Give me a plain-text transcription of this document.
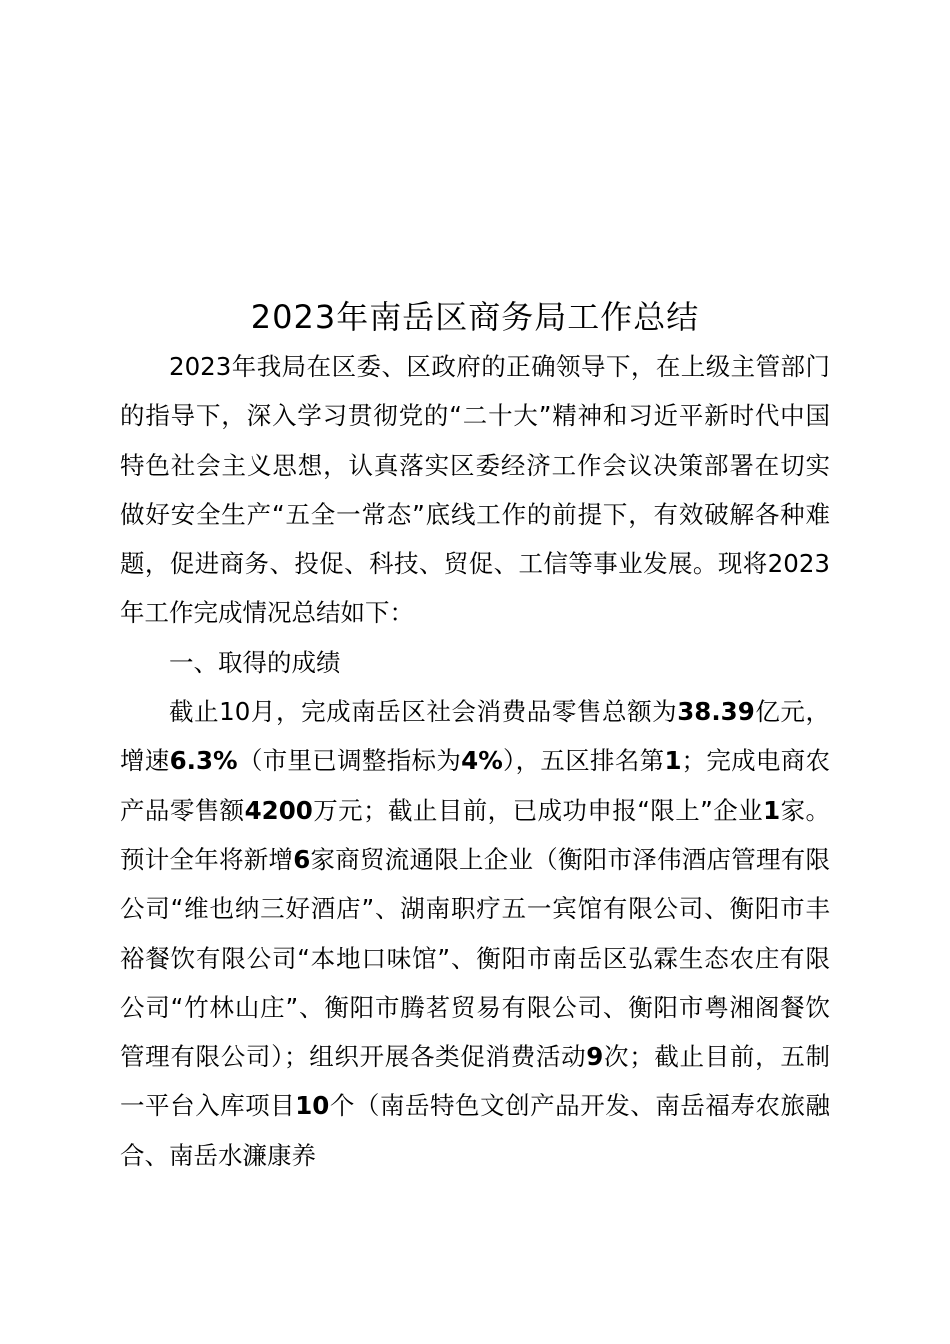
2023年南岳区商务局工作总结

2023年我局在区委、区政府的正确领导下，在上级主管部门的指导下，深入学习贯彻党的“二十大”精神和习近平新时代中国特色社会主义思想，认真落实区委经济工作会议决策部署在切实做好安全生产“五全一常态”底线工作的前提下，有效破解各种难题，促进商务、投促、科技、贸促、工信等事业发展。现将2023年工作完成情况总结如下：

一、取得的成绩

截止10月，完成南岳区社会消费品零售总额为38.39亿元，增速6.3%（市里已调整指标为4%），五区排名第1；完成电商农产品零售额4200万元；截止目前，已成功申报“限上”企业1家。预计全年将新增6家商贸流通限上企业（衡阳市泽伟酒店管理有限公司“维也纳三好酒店”、湖南职疗五一宾馆有限公司、衡阳市丰裕餐饮有限公司“本地口味馆”、衡阳市南岳区弘霖生态农庄有限公司“竹林山庄”、衡阳市腾茗贸易有限公司、衡阳市粤湘阁餐饮管理有限公司）；组织开展各类促消费活动9次；截止目前，五制一平台入库项目10个（南岳特色文创产品开发、南岳福寿农旅融合、南岳水濂康养
